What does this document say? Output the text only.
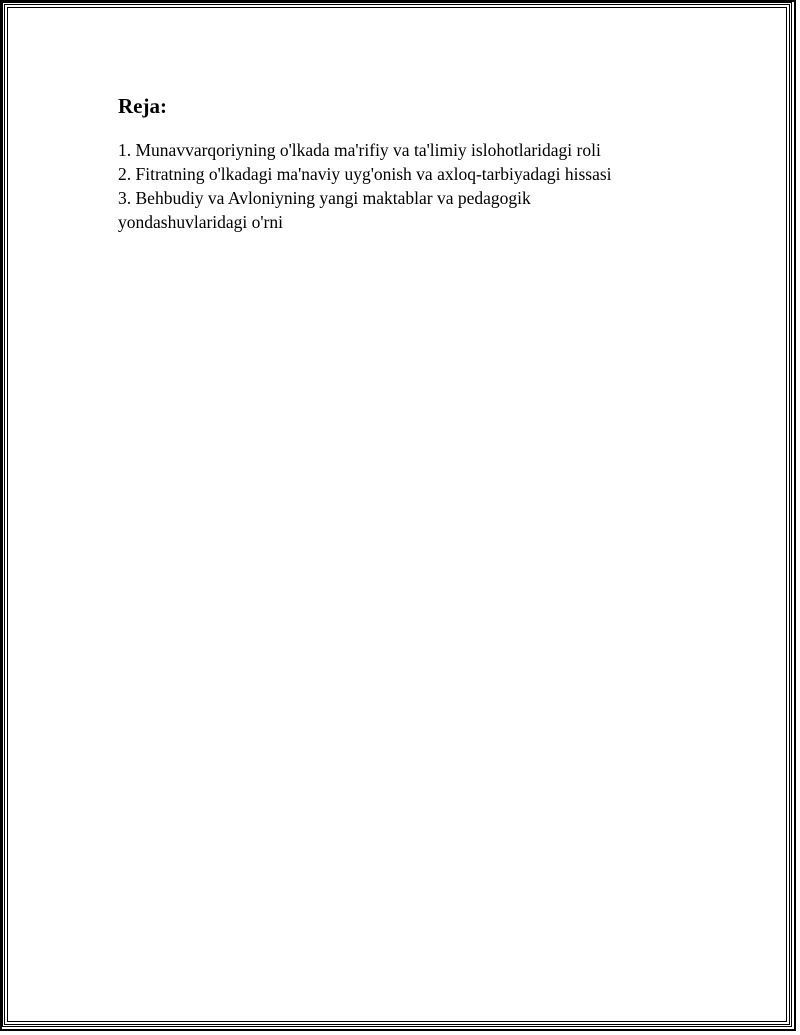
Reja:
1. Munavvarqoriyning o'lkada ma'rifiy va ta'limiy islohotlaridagi roli
2. Fitratning o'lkadagi ma'naviy uyg'onish va axloq-tarbiyadagi hissasi
3. Behbudiy va Avloniyning yangi maktablar va pedagogik yondashuvlaridagi o'rni
